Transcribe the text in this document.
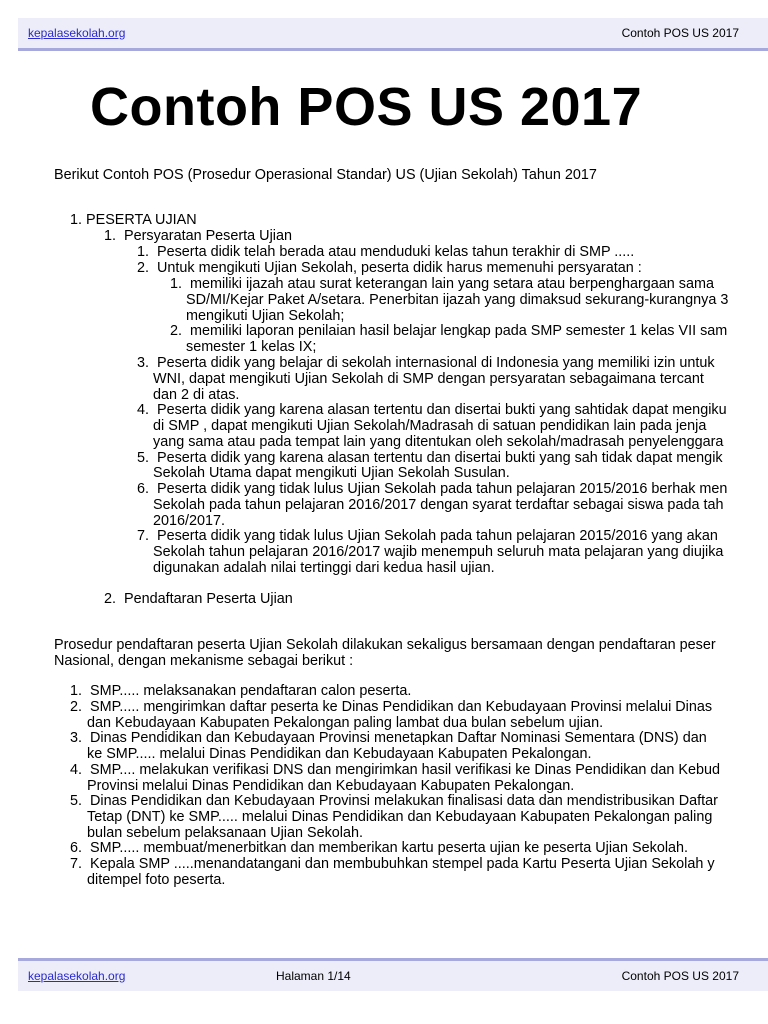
kepalasekolah.org	Contoh POS US 2017
Contoh POS US 2017
Berikut Contoh POS (Prosedur Operasional Standar) US (Ujian Sekolah) Tahun 2017
1. PESERTA UJIAN
1.  Persyaratan Peserta Ujian
1.  Peserta didik telah berada atau menduduki kelas tahun terakhir di SMP .....
2.  Untuk mengikuti Ujian Sekolah, peserta didik harus memenuhi persyaratan :
1.  memiliki ijazah atau surat keterangan lain yang setara atau berpenghargaan sama
SD/MI/Kejar Paket A/setara. Penerbitan ijazah yang dimaksud sekurang-kurangnya 3
mengikuti Ujian Sekolah;
2.  memiliki laporan penilaian hasil belajar lengkap pada SMP semester 1 kelas VII sam
semester 1 kelas IX;
3.  Peserta didik yang belajar di sekolah internasional di Indonesia yang memiliki izin untuk
WNI, dapat mengikuti Ujian Sekolah di SMP dengan persyaratan sebagaimana tercant
dan 2 di atas.
4.  Peserta didik yang karena alasan tertentu dan disertai bukti yang sahtidak dapat mengiku
di SMP , dapat mengikuti Ujian Sekolah/Madrasah di satuan pendidikan lain pada jenja
yang sama atau pada tempat lain yang ditentukan oleh sekolah/madrasah penyelenggara
5.  Peserta didik yang karena alasan tertentu dan disertai bukti yang sah tidak dapat mengik
Sekolah Utama dapat mengikuti Ujian Sekolah Susulan.
6.  Peserta didik yang tidak lulus Ujian Sekolah pada tahun pelajaran 2015/2016 berhak men
Sekolah pada tahun pelajaran 2016/2017 dengan syarat terdaftar sebagai siswa pada tah
2016/2017.
7.  Peserta didik yang tidak lulus Ujian Sekolah pada tahun pelajaran 2015/2016 yang akan
Sekolah tahun pelajaran 2016/2017 wajib menempuh seluruh mata pelajaran yang diujika
digunakan adalah nilai tertinggi dari kedua hasil ujian.
2.  Pendaftaran Peserta Ujian
Prosedur pendaftaran peserta Ujian Sekolah dilakukan sekaligus bersamaan dengan pendaftaran peser
Nasional, dengan mekanisme sebagai berikut :
1.  SMP..... melaksanakan pendaftaran calon peserta.
2.  SMP..... mengirimkan daftar peserta ke Dinas Pendidikan dan Kebudayaan Provinsi melalui Dinas
dan Kebudayaan Kabupaten Pekalongan paling lambat dua bulan sebelum ujian.
3.  Dinas Pendidikan dan Kebudayaan Provinsi menetapkan Daftar Nominasi Sementara (DNS) dan
ke SMP..... melalui Dinas Pendidikan dan Kebudayaan Kabupaten Pekalongan.
4.  SMP.... melakukan verifikasi DNS dan mengirimkan hasil verifikasi ke Dinas Pendidikan dan Kebud
Provinsi melalui Dinas Pendidikan dan Kebudayaan Kabupaten Pekalongan.
5.  Dinas Pendidikan dan Kebudayaan Provinsi melakukan finalisasi data dan mendistribusikan Daftar
Tetap (DNT) ke SMP..... melalui Dinas Pendidikan dan Kebudayaan Kabupaten Pekalongan paling
bulan sebelum pelaksanaan Ujian Sekolah.
6.  SMP..... membuat/menerbitkan dan memberikan kartu peserta ujian ke peserta Ujian Sekolah.
7.  Kepala SMP .....menandatangani dan membubuhkan stempel pada Kartu Peserta Ujian Sekolah y
ditempel foto peserta.
kepalasekolah.org	Halaman 1/14	Contoh POS US 2017
